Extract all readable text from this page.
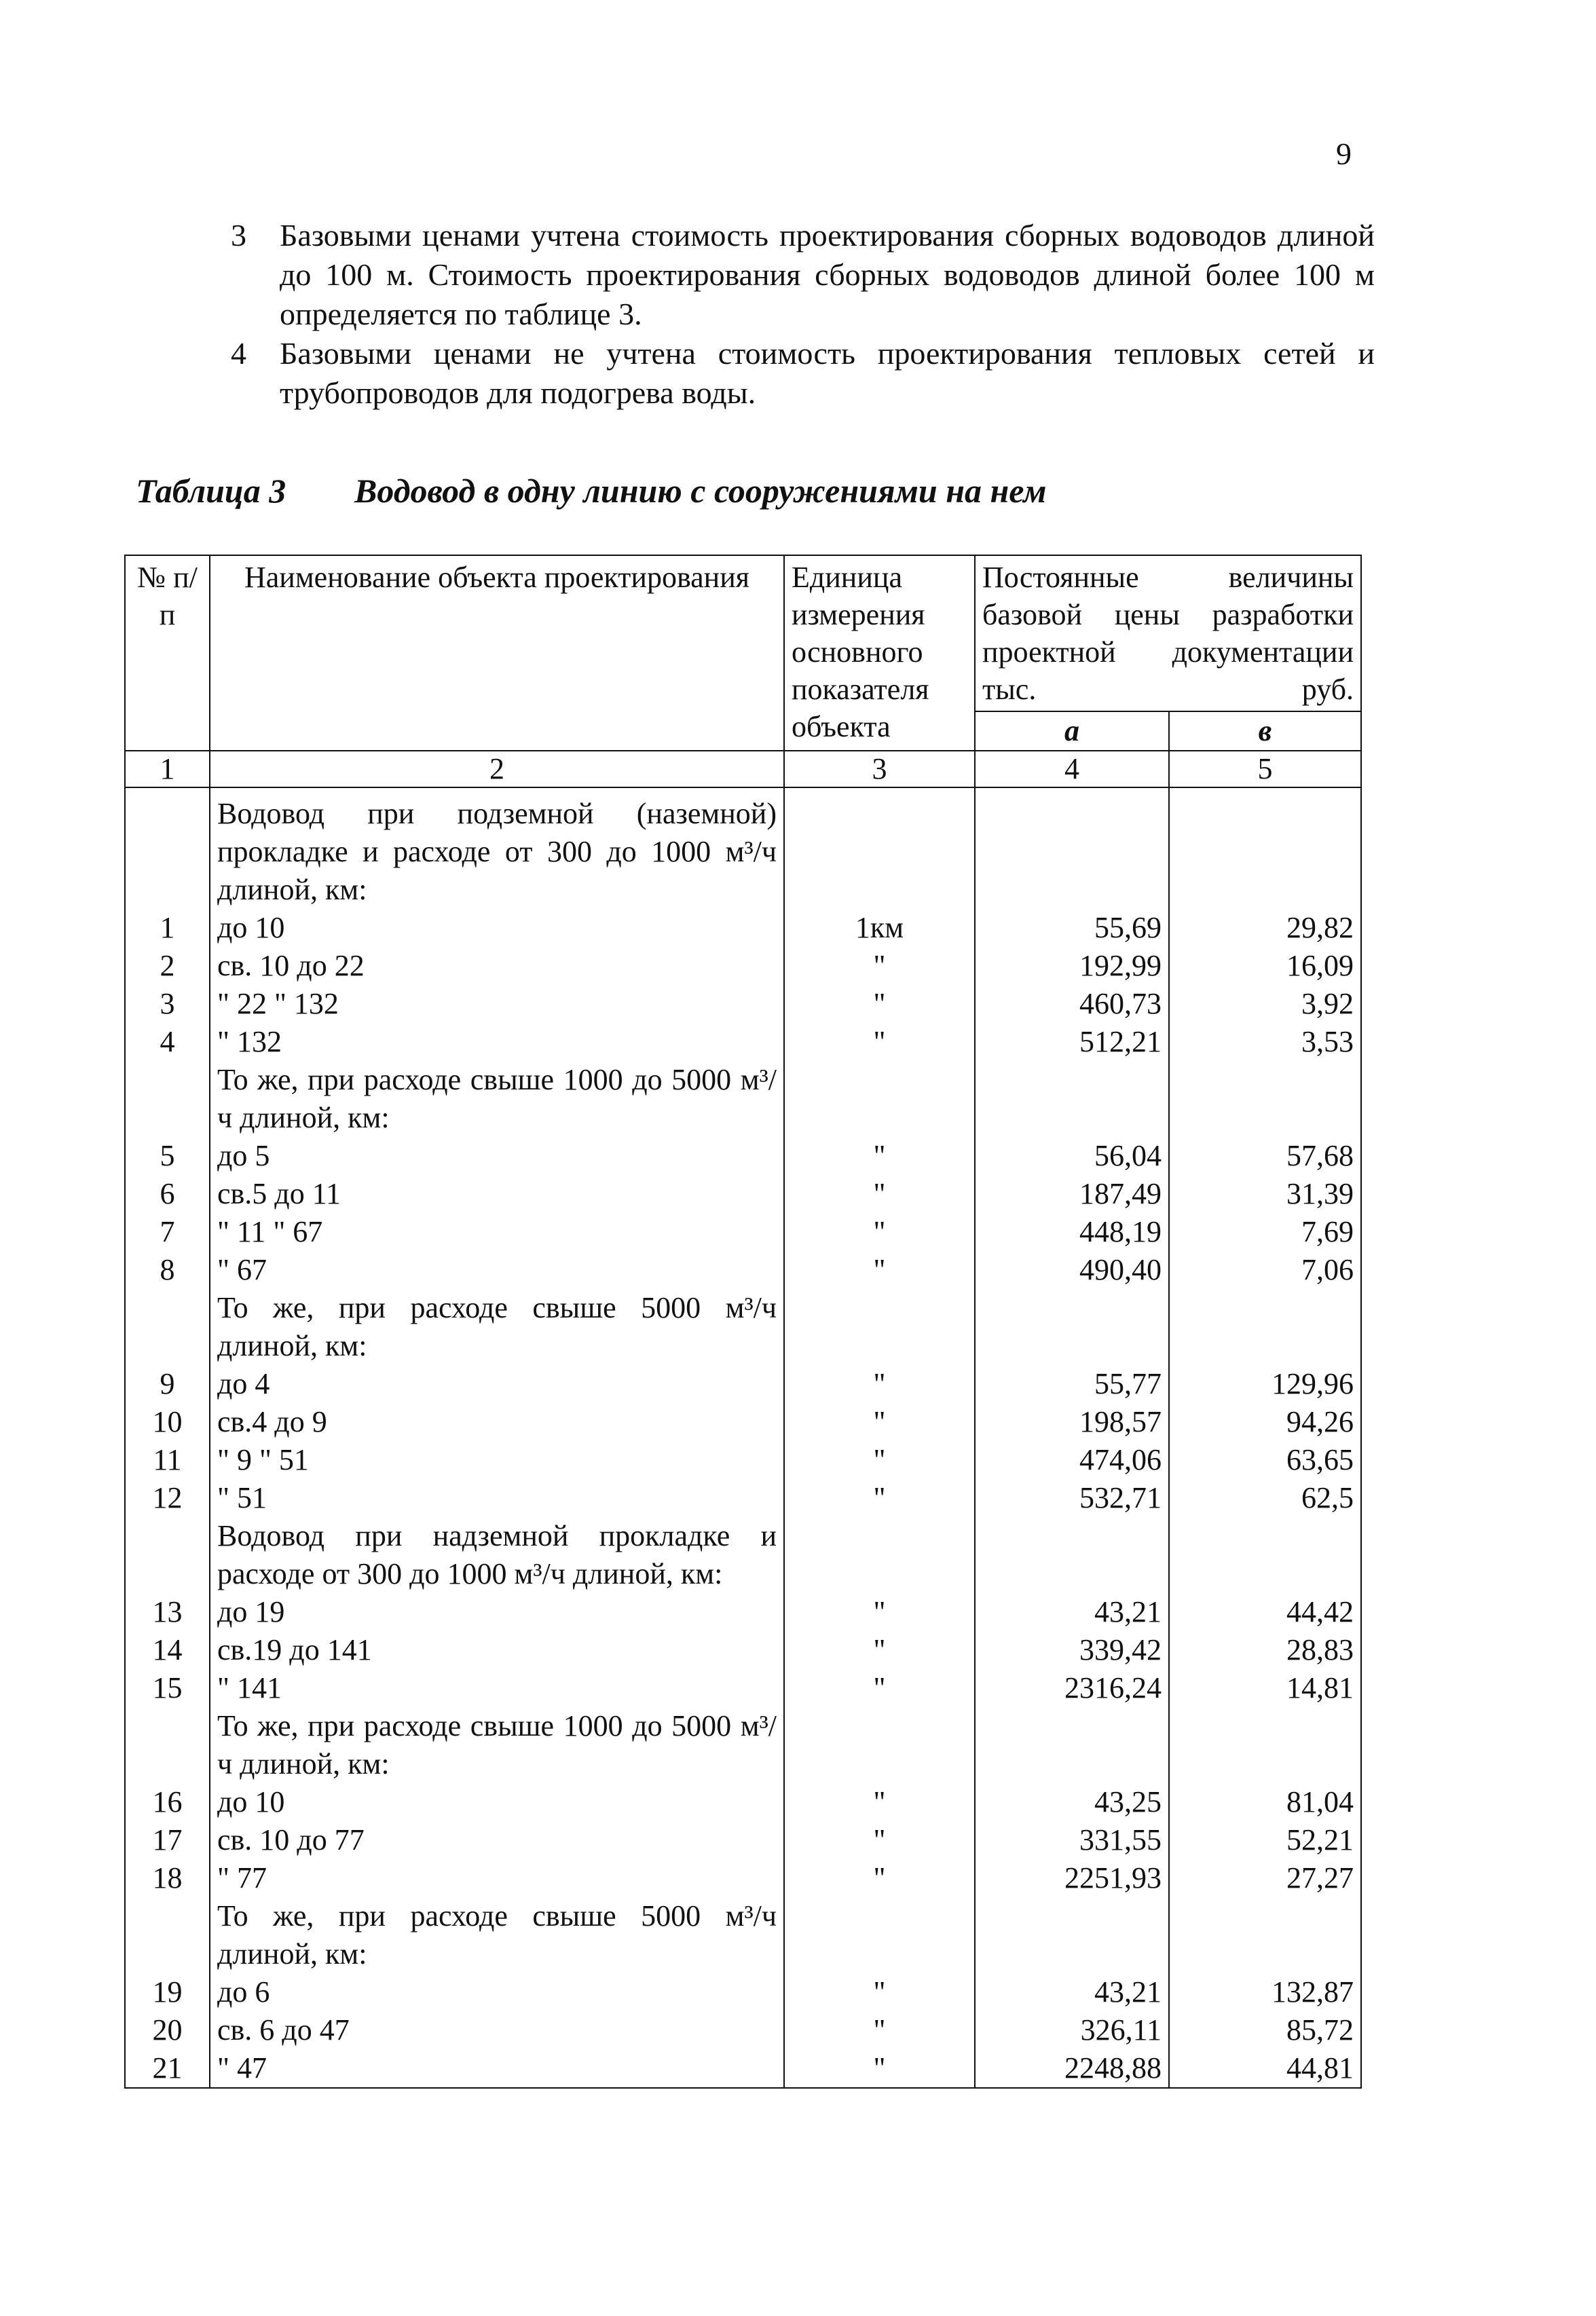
9
3 Базовыми ценами учтена стоимость проектирования сборных водоводов длиной до 100 м. Стоимость проектирования сборных водоводов длиной более 100 м определяется по таблице 3.
4 Базовыми ценами не учтена стоимость проектирования тепловых сетей и трубопроводов для подогрева воды.
Таблица 3 Водовод в одну линию с сооружениями на нем
№ п/п	Наименование объекта проектирования	Единица измерения основного показателя объекта	Постоянные величины базовой цены разработки проектной документации тыс. руб.	
			а	в
1	2	3	4	5
	Водовод при подземной (наземной) прокладке и расходе от 300 до 1000 м³/ч длиной, км:			
1	до 10	1км	55,69	29,82
2	св. 10 до 22	"	192,99	16,09
3	" 22 " 132	"	460,73	3,92
4	" 132	"	512,21	3,53
	То же, при расходе свыше 1000 до 5000 м³/ч длиной, км:			
5	до 5	"	56,04	57,68
6	св.5 до 11	"	187,49	31,39
7	" 11 " 67	"	448,19	7,69
8	" 67	"	490,40	7,06
	То же, при расходе свыше 5000 м³/ч длиной, км:			
9	до 4	"	55,77	129,96
10	св.4 до 9	"	198,57	94,26
11	" 9 " 51	"	474,06	63,65
12	" 51	"	532,71	62,5
	Водовод при надземной прокладке и расходе от 300 до 1000 м³/ч длиной, км:			
13	до 19	"	43,21	44,42
14	св.19 до 141	"	339,42	28,83
15	" 141	"	2316,24	14,81
	То же, при расходе свыше 1000 до 5000 м³/ч длиной, км:			
16	до 10	"	43,25	81,04
17	св. 10 до 77	"	331,55	52,21
18	" 77	"	2251,93	27,27
	То же, при расходе свыше 5000 м³/ч длиной, км:			
19	до 6	"	43,21	132,87
20	св. 6 до 47	"	326,11	85,72
21	" 47	"	2248,88	44,81
